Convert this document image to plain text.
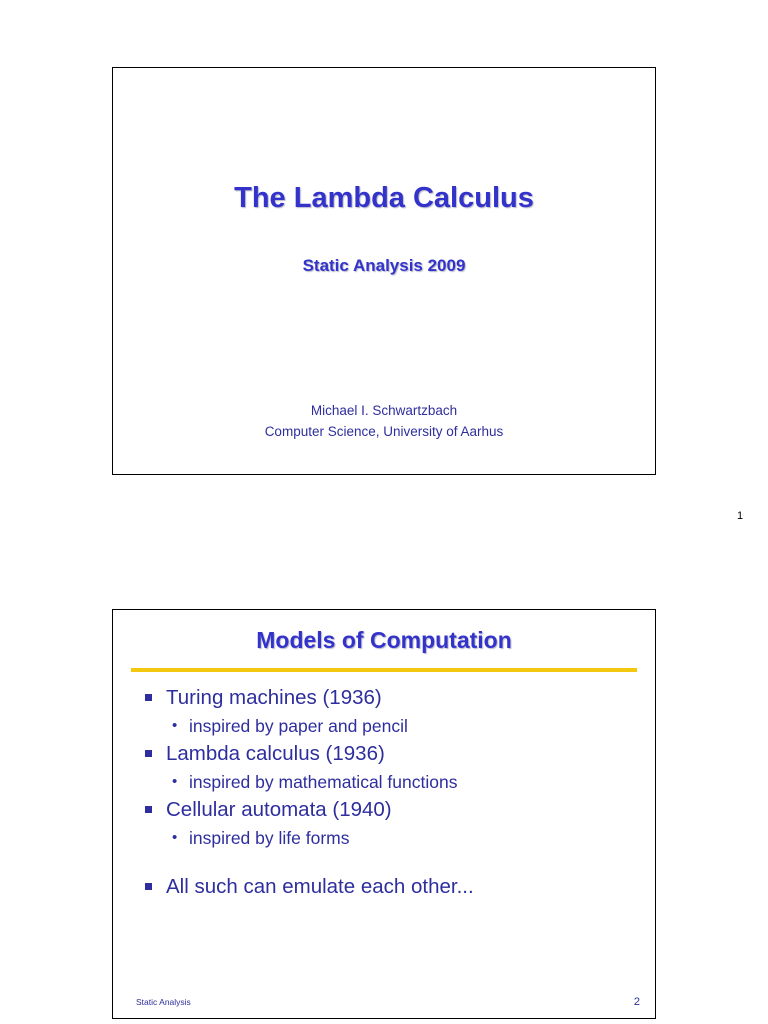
The Lambda Calculus
Static Analysis 2009
Michael I. Schwartzbach
Computer Science, University of Aarhus
1
Models of Computation
Turing machines (1936)
• inspired by paper and pencil
Lambda calculus (1936)
• inspired by mathematical functions
Cellular automata (1940)
• inspired by life forms
All such can emulate each other...
Static Analysis	2
